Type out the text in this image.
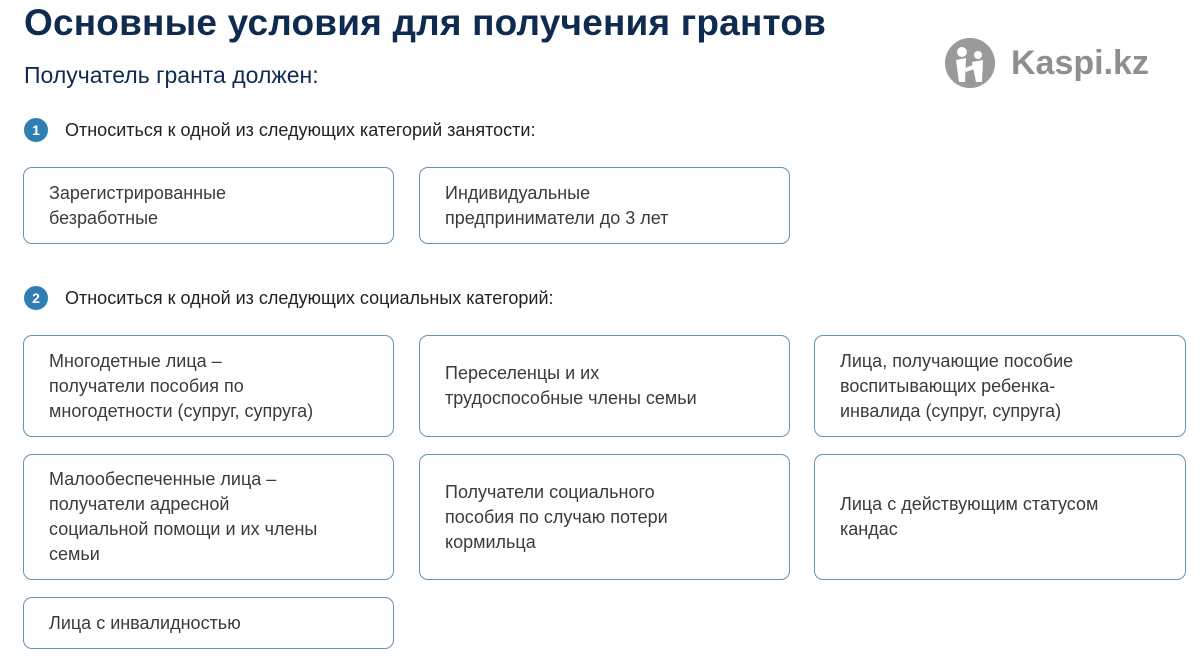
Основные условия для получения грантов
Получатель гранта должен:	Kaspi.kz
1	Относиться к одной из следующих категорий занятости:
Зарегистрированные
безработные
Индивидуальные
предприниматели до 3 лет
2	Относиться к одной из следующих социальных категорий:
Многодетные лица –
получатели пособия по
многодетности (супруг, супруга)
Переселенцы и их
трудоспособные члены семьи
Лица, получающие пособие
воспитывающих ребенка-
инвалида (супруг, супруга)
Малообеспеченные лица –
получатели адресной
социальной помощи и их члены
семьи
Получатели социального
пособия по случаю потери
кормильца
Лица с действующим статусом
кандас
Лица с инвалидностью
